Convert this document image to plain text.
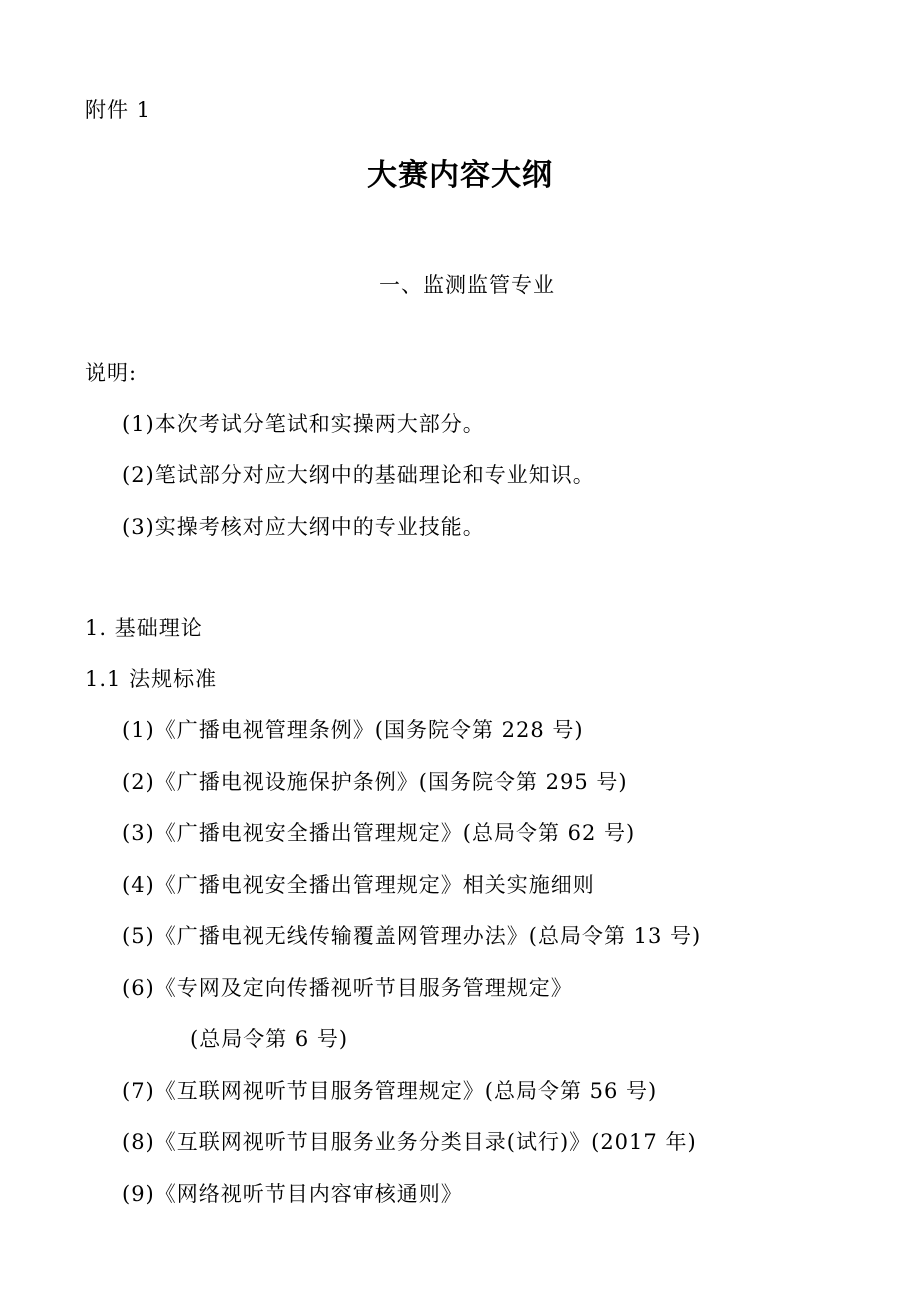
附件 1
大赛内容大纲
一、监测监管专业
说明:
(1)本次考试分笔试和实操两大部分。
(2)笔试部分对应大纲中的基础理论和专业知识。
(3)实操考核对应大纲中的专业技能。
1. 基础理论
1.1 法规标准
(1)《广播电视管理条例》(国务院令第 228 号)
(2)《广播电视设施保护条例》(国务院令第 295 号)
(3)《广播电视安全播出管理规定》(总局令第 62 号)
(4)《广播电视安全播出管理规定》相关实施细则
(5)《广播电视无线传输覆盖网管理办法》(总局令第 13 号)
(6)《专网及定向传播视听节目服务管理规定》
(总局令第 6 号)
(7)《互联网视听节目服务管理规定》(总局令第 56 号)
(8)《互联网视听节目服务业务分类目录(试行)》(2017 年)
(9)《网络视听节目内容审核通则》
